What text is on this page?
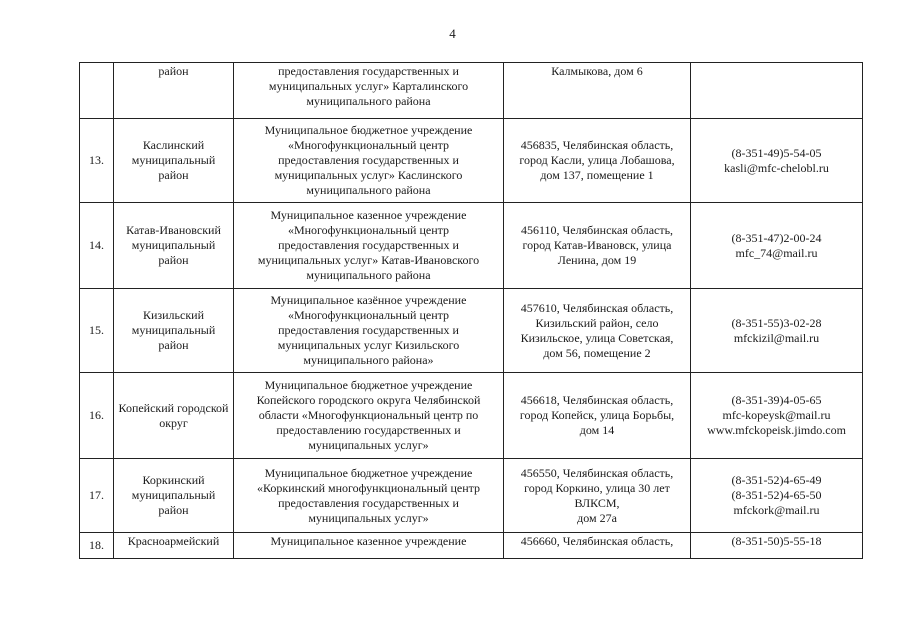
4

	район	предоставления государственных и
муниципальных услуг» Карталинского
муниципального района	Калмыкова, дом 6	

13.	Каслинский
муниципальный
район	Муниципальное бюджетное учреждение
«Многофункциональный центр
предоставления государственных и
муниципальных услуг» Каслинского
муниципального района	456835, Челябинская область,
город Касли, улица Лобашова,
дом 137, помещение 1	(8-351-49)5-54-05
kasli@mfc-chelobl.ru

14.	Катав-Ивановский
муниципальный
район	Муниципальное казенное учреждение
«Многофункциональный центр
предоставления государственных и
муниципальных услуг» Катав-Ивановского
муниципального района	456110, Челябинская область,
город Катав-Ивановск, улица
Ленина, дом 19	(8-351-47)2-00-24
mfc_74@mail.ru

15.	Кизильский
муниципальный
район	Муниципальное казённое учреждение
«Многофункциональный центр
предоставления государственных и
муниципальных услуг Кизильского
муниципального района»	457610, Челябинская область,
Кизильский район, село
Кизильское, улица Советская,
дом 56, помещение 2	(8-351-55)3-02-28
mfckizil@mail.ru

16.	Копейский городской
округ	Муниципальное бюджетное учреждение
Копейского городского округа Челябинской
области «Многофункциональный центр по
предоставлению государственных и
муниципальных услуг»	456618, Челябинская область,
город Копейск, улица Борьбы,
дом 14	(8-351-39)4-05-65
mfc-kopeysk@mail.ru
www.mfckopeisk.jimdo.com

17.	Коркинский
муниципальный
район	Муниципальное бюджетное учреждение
«Коркинский многофункциональный центр
предоставления государственных и
муниципальных услуг»	456550, Челябинская область,
город Коркино, улица 30 лет
ВЛКСМ,
дом 27а	(8-351-52)4-65-49
(8-351-52)4-65-50
mfckork@mail.ru

18.	Красноармейский	Муниципальное казенное учреждение	456660, Челябинская область,	(8-351-50)5-55-18
